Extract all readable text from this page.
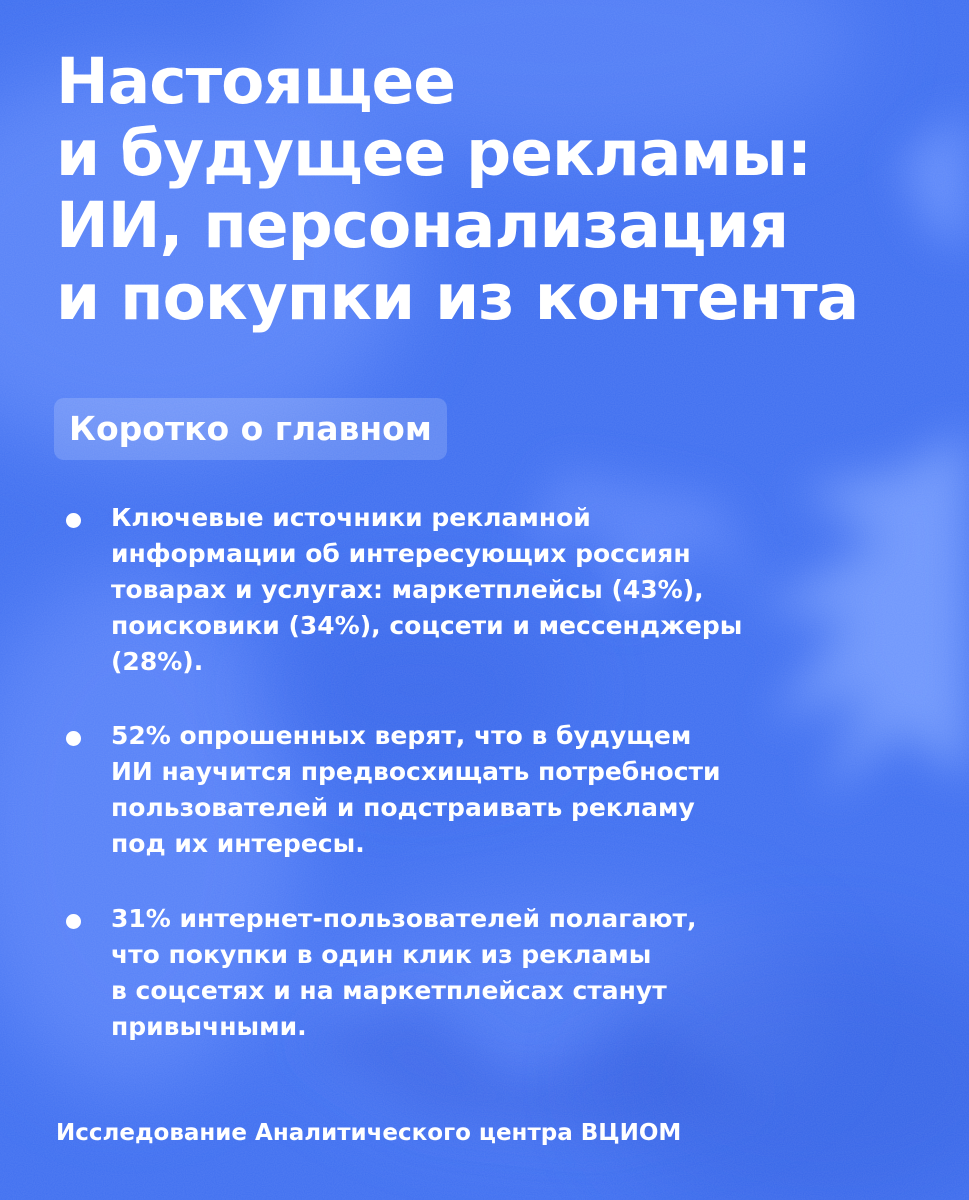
Настоящее
и будущее рекламы:
ИИ, персонализация
и покупки из контента
Коротко о главном
Ключевые источники рекламной
информации об интересующих россиян
товарах и услугах: маркетплейсы (43%),
поисковики (34%), соцсети и мессенджеры
(28%).
52% опрошенных верят, что в будущем
ИИ научится предвосхищать потребности
пользователей и подстраивать рекламу
под их интересы.
31% интернет-пользователей полагают,
что покупки в один клик из рекламы
в соцсетях и на маркетплейсах станут
привычными.
Исследование Аналитического центра ВЦИОМ
